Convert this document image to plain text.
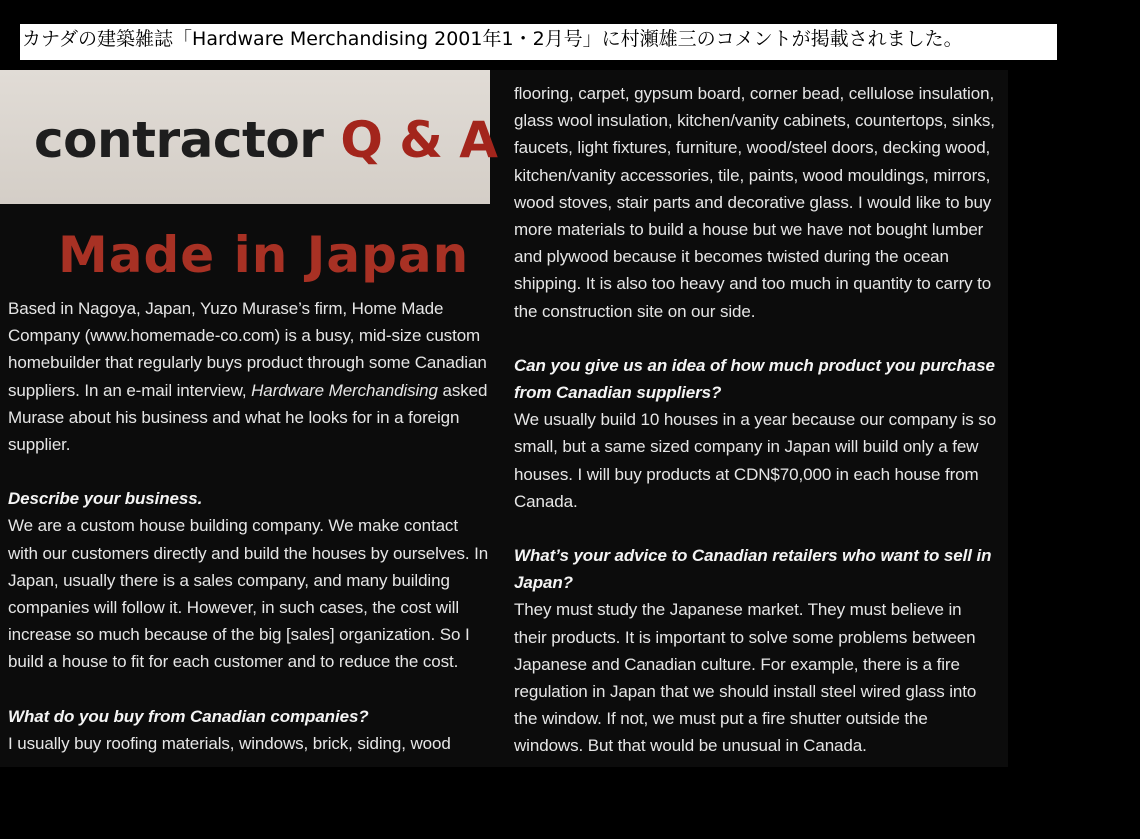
カナダの建築雑誌「Hardware Merchandising 2001年1・2月号」に村瀬雄三のコメントが掲載されました。
contractor Q & A
Made in Japan

Based in Nagoya, Japan, Yuzo Murase’s firm, Home Made Company (www.homemade-co.com) is a busy, mid-size custom homebuilder that regularly buys product through some Canadian suppliers. In an e-mail interview, Hardware Merchandising asked Murase about his business and what he looks for in a foreign supplier.

Describe your business.

We are a custom house building company. We make contact with our customers directly and build the houses by ourselves. In Japan, usually there is a sales company, and many building companies will follow it. However, in such cases, the cost will increase so much because of the big [sales] organization. So I build a house to fit for each customer and to reduce the cost.

What do you buy from Canadian companies?

I usually buy roofing materials, windows, brick, siding, wood

flooring, carpet, gypsum board, corner bead, cellulose insulation, glass wool insulation, kitchen/vanity cabinets, countertops, sinks, faucets, light fixtures, furniture, wood/steel doors, decking wood, kitchen/vanity accessories, tile, paints, wood mouldings, mirrors, wood stoves, stair parts and decorative glass. I would like to buy more materials to build a house but we have not bought lumber and plywood because it becomes twisted during the ocean shipping. It is also too heavy and too much in quantity to carry to the construction site on our side.

Can you give us an idea of how much product you purchase from Canadian suppliers?

We usually build 10 houses in a year because our company is so small, but a same sized company in Japan will build only a few houses. I will buy products at CDN$70,000 in each house from Canada.

What’s your advice to Canadian retailers who want to sell in Japan?

They must study the Japanese market. They must believe in their products. It is important to solve some problems between Japanese and Canadian culture. For example, there is a fire regulation in Japan that we should install steel wired glass into the window. If not, we must put a fire shutter outside the windows. But that would be unusual in Canada.
